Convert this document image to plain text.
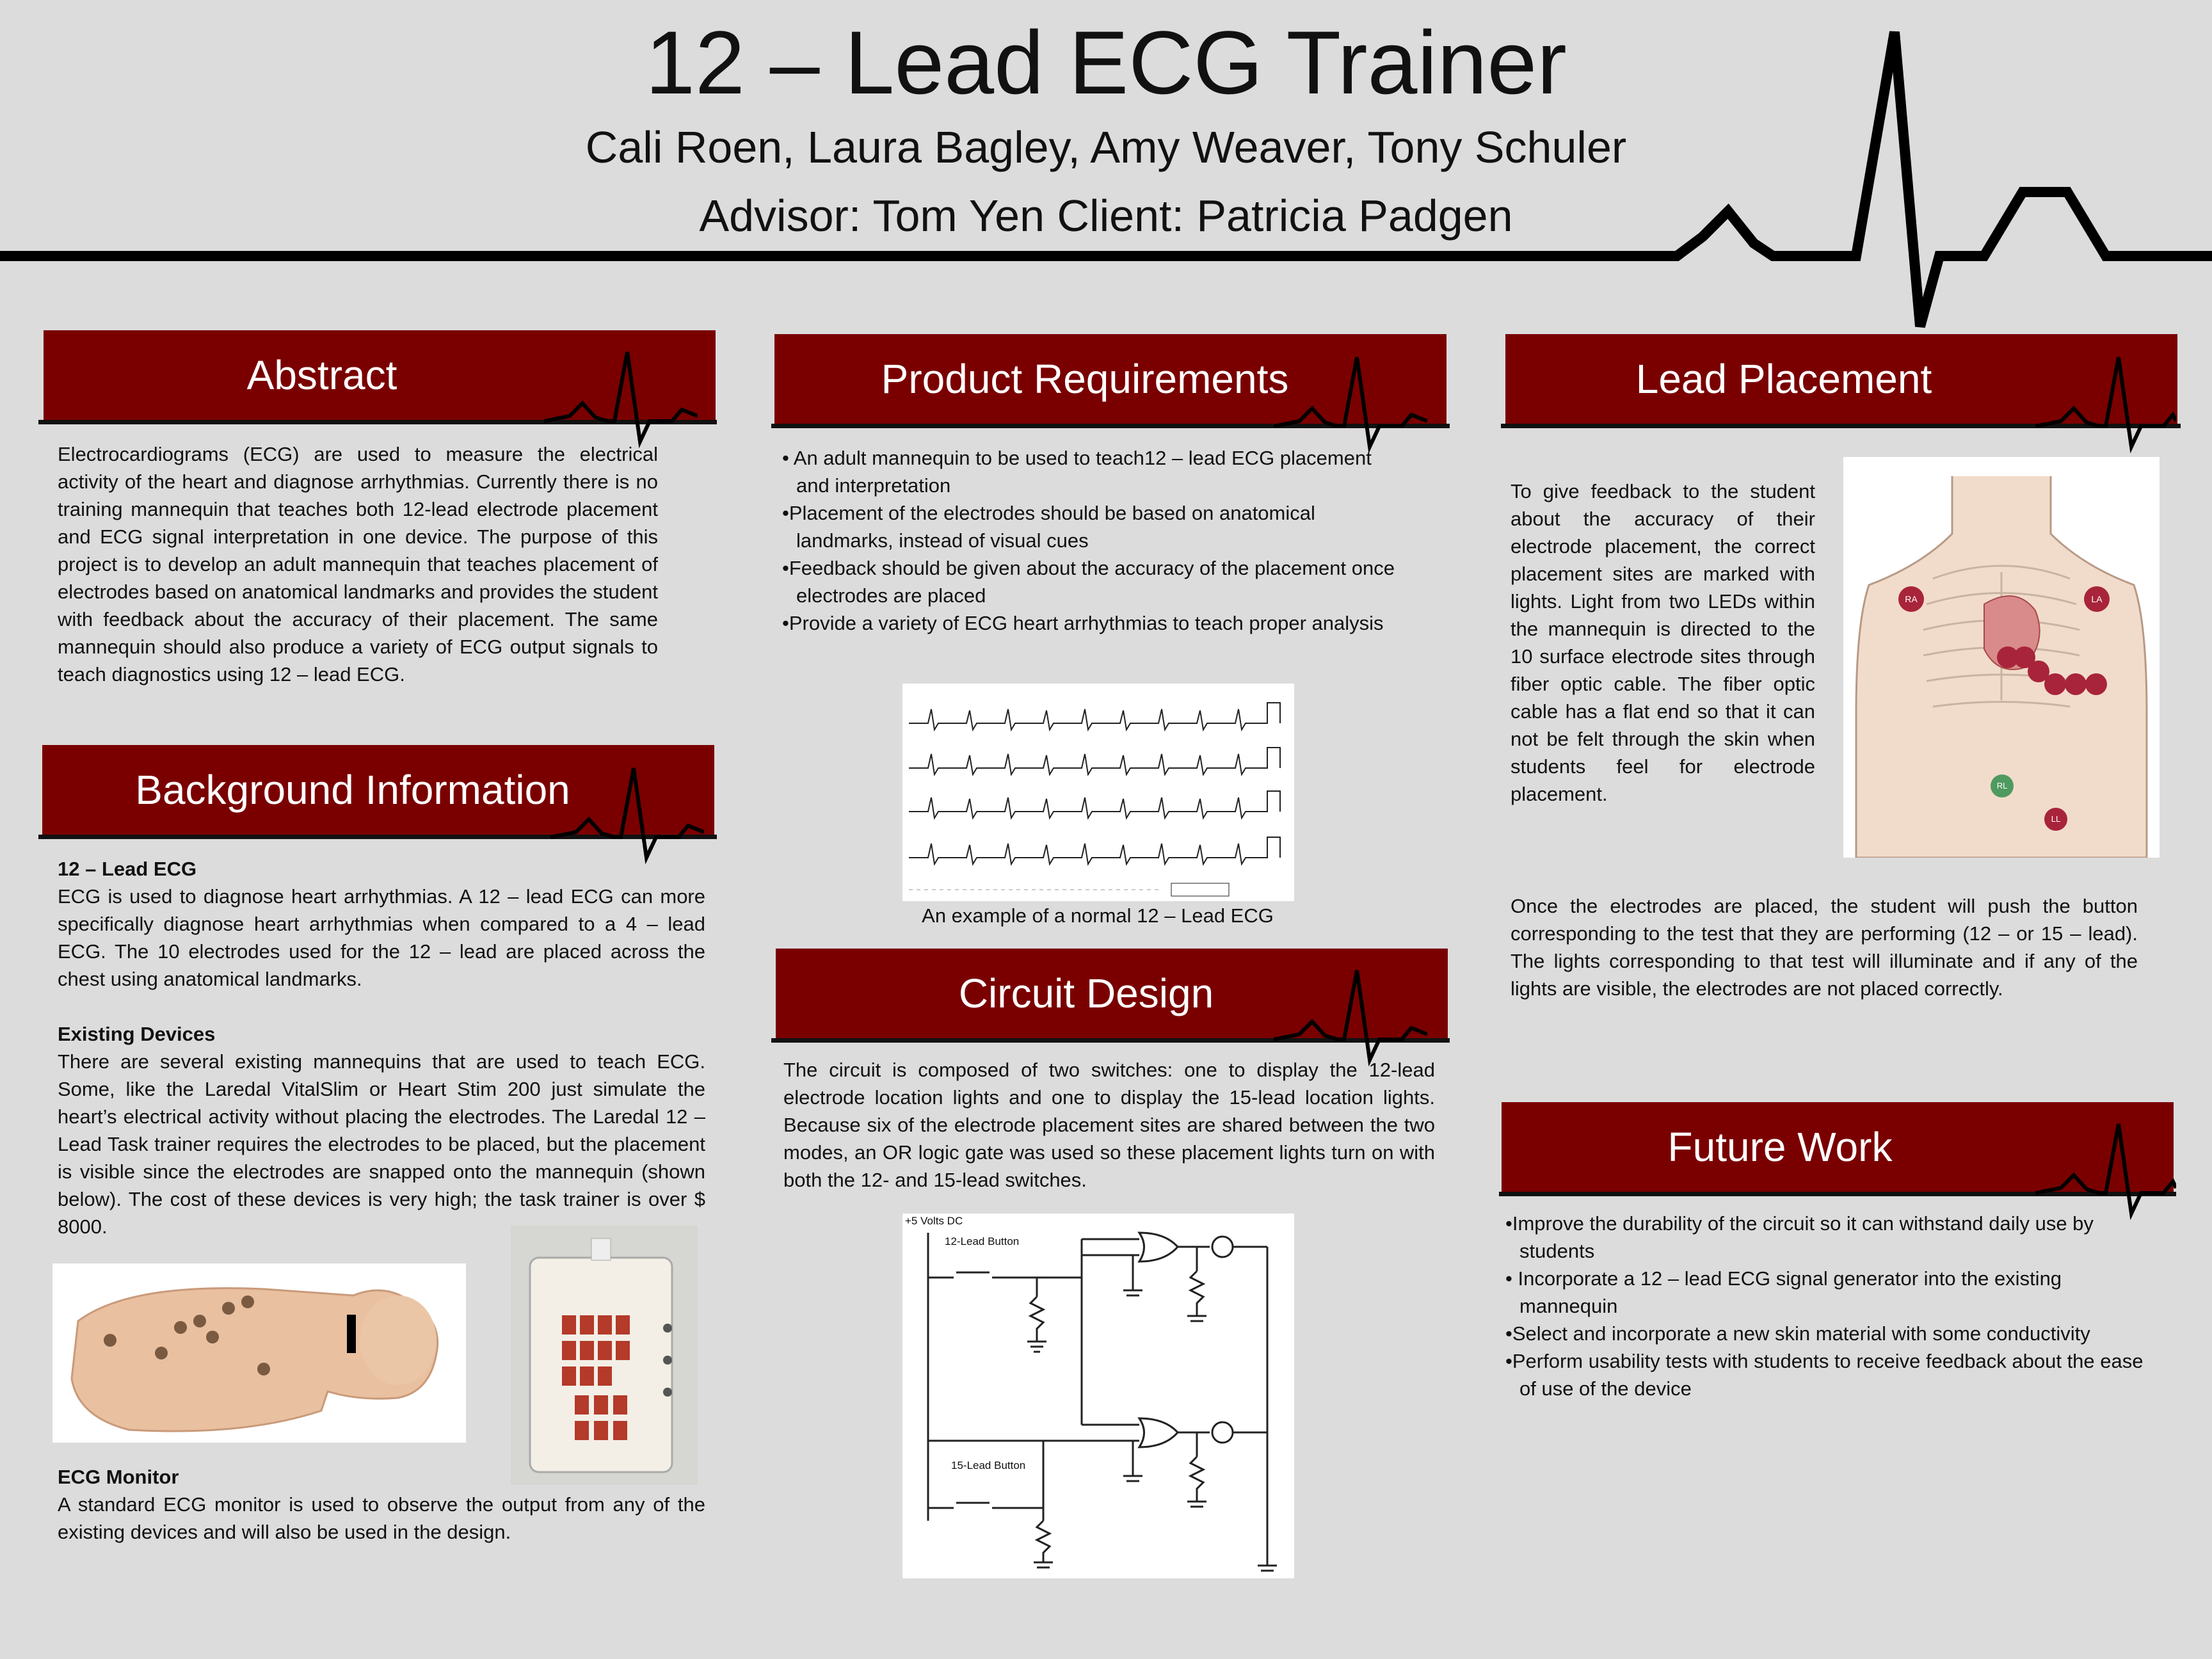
12 – Lead ECG Trainer
Cali Roen, Laura Bagley, Amy Weaver, Tony Schuler
Advisor: Tom Yen Client: Patricia Padgen
Abstract
Electrocardiograms (ECG) are used to measure the electrical activity of the heart and diagnose arrhythmias. Currently there is no training mannequin that teaches both 12-lead electrode placement and ECG signal interpretation in one device. The purpose of this project is to develop an adult mannequin that teaches placement of electrodes based on anatomical landmarks and provides the student with feedback about the accuracy of their placement. The same mannequin should also produce a variety of ECG output signals to teach diagnostics using 12 – lead ECG.
Background Information
12 – Lead ECG
ECG is used to diagnose heart arrhythmias. A 12 – lead ECG can more specifically diagnose heart arrhythmias when compared to a 4 – lead ECG. The 10 electrodes used for the 12 – lead are placed across the chest using anatomical landmarks.
Existing Devices
There are several existing mannequins that are used to teach ECG. Some, like the Laredal VitalSlim or Heart Stim 200 just simulate the heart’s electrical activity without placing the electrodes. The Laredal 12 – Lead Task trainer requires the electrodes to be placed, but the placement is visible since the electrodes are snapped onto the mannequin (shown below). The cost of these devices is very high; the task trainer is over $ 8000.
ECG Monitor
A standard ECG monitor is used to observe the output from any of the existing devices and will also be used in the design.
Product Requirements
• An adult mannequin to be used to teach12 – lead ECG placement and interpretation
•Placement of the electrodes should be based on anatomical landmarks, instead of visual cues
•Feedback should be given about the accuracy of the placement once electrodes are placed
•Provide a variety of ECG heart arrhythmias to teach proper analysis
An example of a normal 12 – Lead ECG
Circuit Design
The circuit is composed of two switches: one to display the 12-lead electrode location lights and one to display the 15-lead location lights. Because six of the electrode placement sites are shared between the two modes, an OR logic gate was used so these placement lights turn on with both the 12- and 15-lead switches.
+5 Volts DC
12-Lead Button
15-Lead Button
Lead Placement
To give feedback to the student about the accuracy of their electrode placement, the correct placement sites are marked with lights. Light from two LEDs within the mannequin is directed to the 10 surface electrode sites through fiber optic cable. The fiber optic cable has a flat end so that it can not be felt through the skin when students feel for electrode placement.
RA	LA
RL
LL
Once the electrodes are placed, the student will push the button corresponding to the test that they are performing (12 – or 15 – lead). The lights corresponding to that test will illuminate and if any of the lights are visible, the electrodes are not placed correctly.
Future Work
•Improve the durability of the circuit so it can withstand daily use by students
• Incorporate a 12 – lead ECG signal generator into the existing mannequin
•Select and incorporate a new skin material with some conductivity
•Perform usability tests with students to receive feedback about the ease of use of the device
